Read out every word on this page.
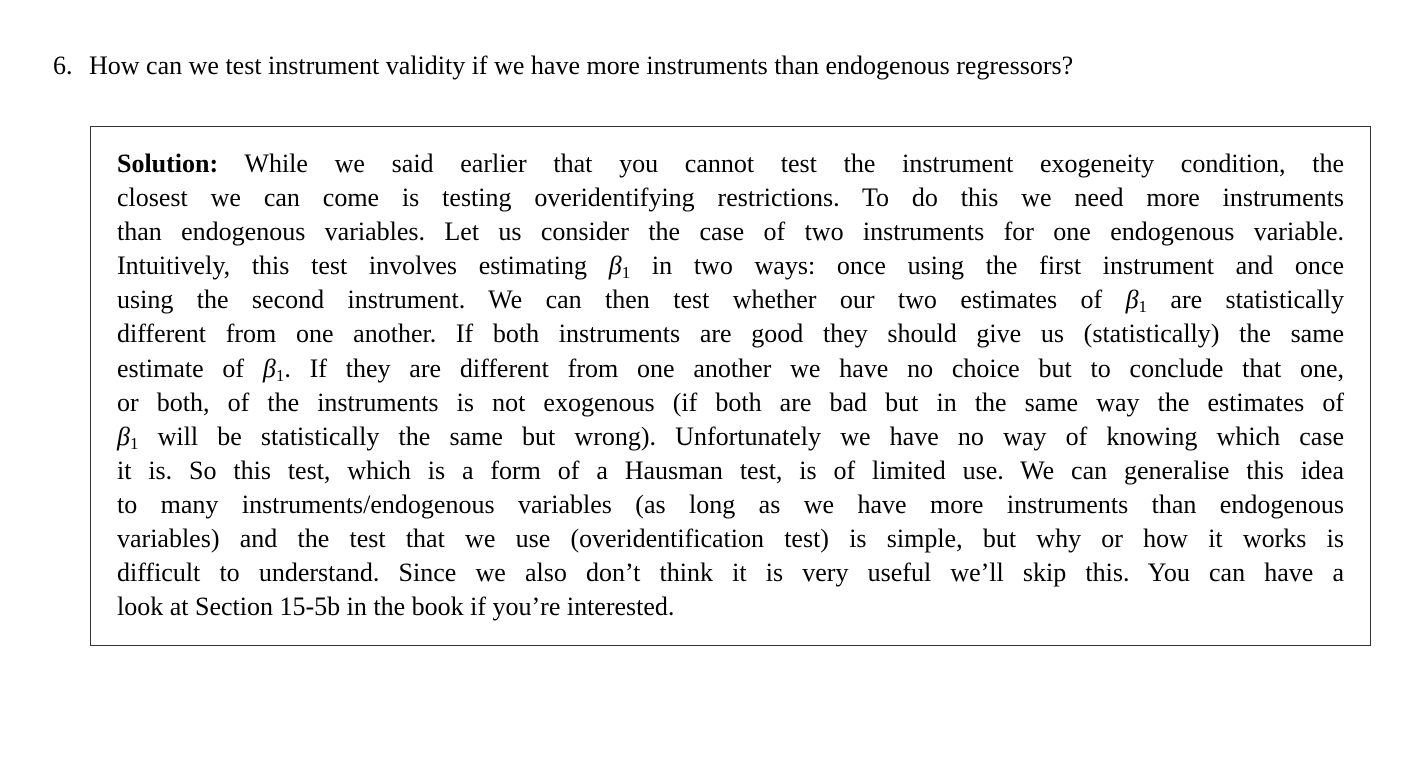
6. How can we test instrument validity if we have more instruments than endogenous regressors?
Solution: While we said earlier that you cannot test the instrument exogeneity condition, the
closest we can come is testing overidentifying restrictions. To do this we need more instruments
than endogenous variables. Let us consider the case of two instruments for one endogenous variable.
Intuitively, this test involves estimating $\beta_1$ in two ways: once using the first instrument and once
using the second instrument. We can then test whether our two estimates of $\beta_1$ are statistically
different from one another. If both instruments are good they should give us (statistically) the same
estimate of $\beta_1$. If they are different from one another we have no choice but to conclude that one,
or both, of the instruments is not exogenous (if both are bad but in the same way the estimates of
$\beta_1$ will be statistically the same but wrong). Unfortunately we have no way of knowing which case
it is. So this test, which is a form of a Hausman test, is of limited use. We can generalise this idea
to many instruments/endogenous variables (as long as we have more instruments than endogenous
variables) and the test that we use (overidentification test) is simple, but why or how it works is
difficult to understand. Since we also don’t think it is very useful we’ll skip this. You can have a
look at Section 15-5b in the book if you’re interested.
